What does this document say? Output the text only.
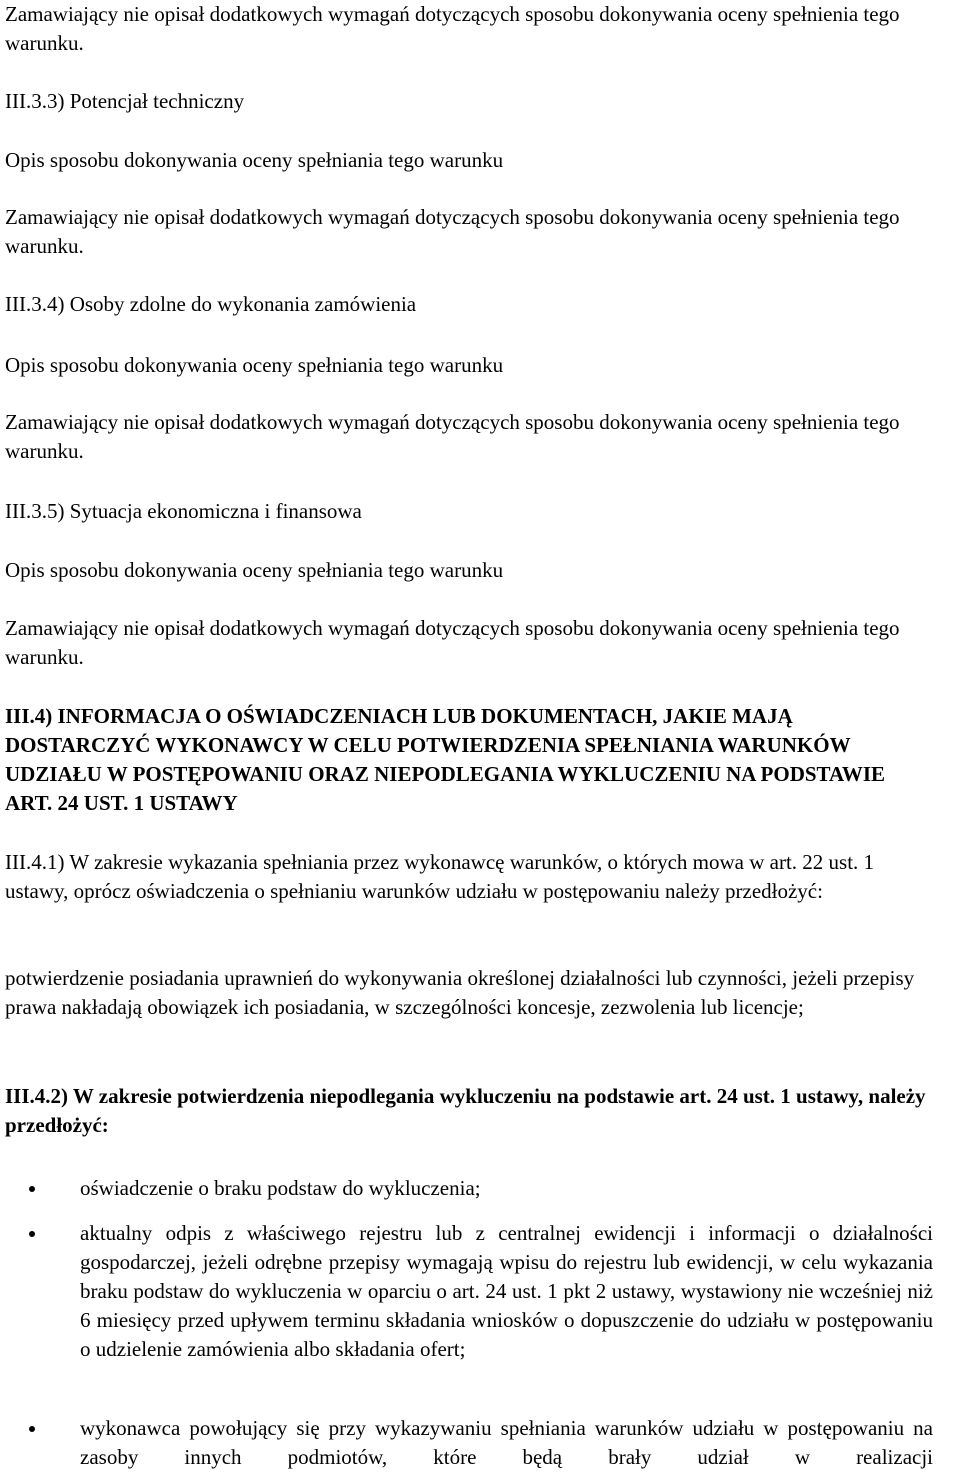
Zamawiający nie opisał dodatkowych wymagań dotyczących sposobu dokonywania oceny spełnienia tego warunku.

III.3.3) Potencjał techniczny

Opis sposobu dokonywania oceny spełniania tego warunku

Zamawiający nie opisał dodatkowych wymagań dotyczących sposobu dokonywania oceny spełnienia tego warunku.

III.3.4) Osoby zdolne do wykonania zamówienia

Opis sposobu dokonywania oceny spełniania tego warunku

Zamawiający nie opisał dodatkowych wymagań dotyczących sposobu dokonywania oceny spełnienia tego warunku.

III.3.5) Sytuacja ekonomiczna i finansowa

Opis sposobu dokonywania oceny spełniania tego warunku

Zamawiający nie opisał dodatkowych wymagań dotyczących sposobu dokonywania oceny spełnienia tego warunku.

III.4) INFORMACJA O OŚWIADCZENIACH LUB DOKUMENTACH, JAKIE MAJĄ DOSTARCZYĆ WYKONAWCY W CELU POTWIERDZENIA SPEŁNIANIA WARUNKÓW UDZIAŁU W POSTĘPOWANIU ORAZ NIEPODLEGANIA WYKLUCZENIU NA PODSTAWIE ART. 24 UST. 1 USTAWY

III.4.1) W zakresie wykazania spełniania przez wykonawcę warunków, o których mowa w art. 22 ust. 1 ustawy, oprócz oświadczenia o spełnianiu warunków udziału w postępowaniu należy przedłożyć:

potwierdzenie posiadania uprawnień do wykonywania określonej działalności lub czynności, jeżeli przepisy prawa nakładają obowiązek ich posiadania, w szczególności koncesje, zezwolenia lub licencje;

III.4.2) W zakresie potwierdzenia niepodlegania wykluczeniu na podstawie art. 24 ust. 1 ustawy, należy przedłożyć:

oświadczenie o braku podstaw do wykluczenia;

aktualny odpis z właściwego rejestru lub z centralnej ewidencji i informacji o działalności gospodarczej, jeżeli odrębne przepisy wymagają wpisu do rejestru lub ewidencji, w celu wykazania braku podstaw do wykluczenia w oparciu o art. 24 ust. 1 pkt 2 ustawy, wystawiony nie wcześniej niż 6 miesięcy przed upływem terminu składania wniosków o dopuszczenie do udziału w postępowaniu o udzielenie zamówienia albo składania ofert;

wykonawca powołujący się przy wykazywaniu spełniania warunków udziału w postępowaniu na zasoby innych podmiotów, które będą brały udział w realizacji
